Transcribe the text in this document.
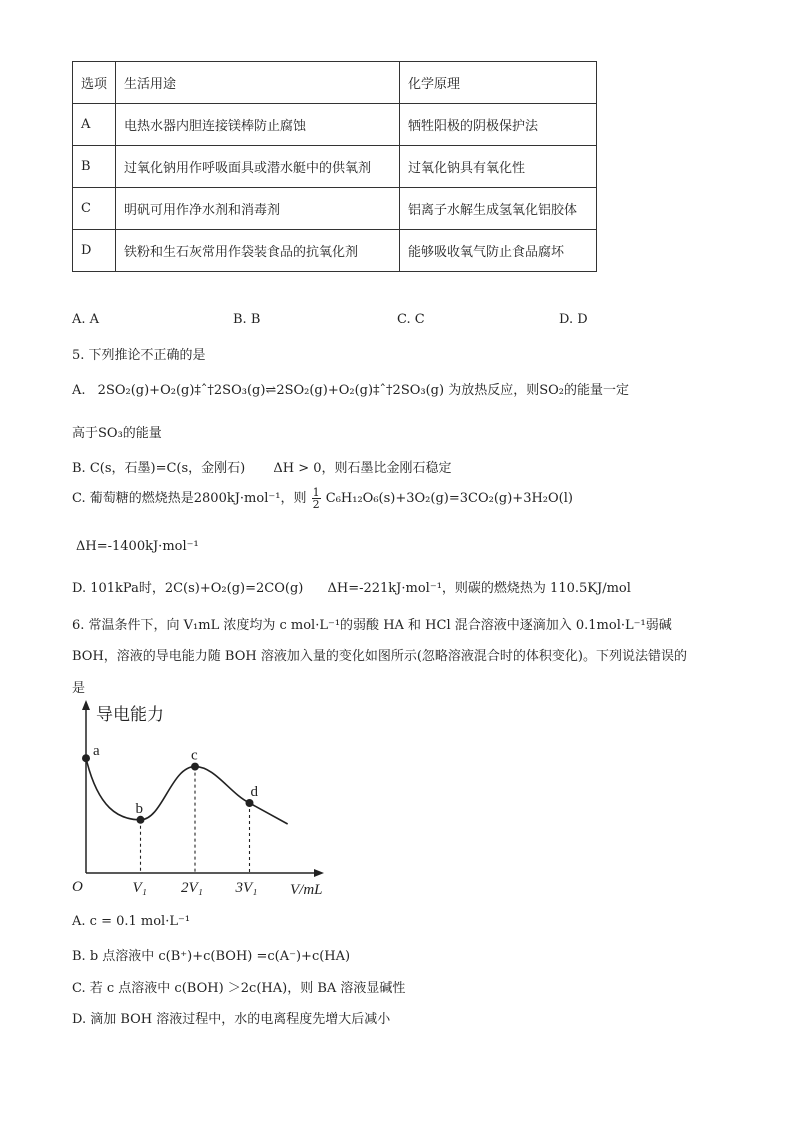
选项	生活用途	化学原理
A	电热水器内胆连接镁棒防止腐蚀	牺牲阳极的阴极保护法
B	过氧化钠用作呼吸面具或潜水艇中的供氧剂	过氧化钠具有氧化性
C	明矾可用作净水剂和消毒剂	铝离子水解生成氢氧化铝胶体
D	铁粉和生石灰常用作袋装食品的抗氧化剂	能够吸收氧气防止食品腐坏
A. A	B. B	C. C	D. D
5. 下列推论不正确的是
A. 2SO₂(g)+O₂(g)‡ˆ†2SO₃(g)⇌2SO₂(g)+O₂(g)‡ˆ†2SO₃(g) 为放热反应，则SO₂的能量一定
高于SO₃的能量
B. C(s，石墨)=C(s，金刚石) ΔH > 0，则石墨比金刚石稳定
C. 葡萄糖的燃烧热是2800kJ·mol⁻¹，则 $\frac{1}{2} C_6H_{12}O_6(s)+3O_2(g)=3CO_2(g)+3H_2O(l)$
ΔH=-1400kJ·mol⁻¹
D. 101kPa时，2C(s)+O₂(g)=2CO(g) ΔH=-221kJ·mol⁻¹，则碳的燃烧热为 110.5KJ/mol
6. 常温条件下，向 V₁mL 浓度均为 c mol·L⁻¹的弱酸 HA 和 HCl 混合溶液中逐滴加入 0.1mol·L⁻¹弱碱
BOH，溶液的导电能力随 BOH 溶液加入量的变化如图所示(忽略溶液混合时的体积变化)。下列说法错误的
是
导电能力
O	V/mL
a
b
c
d
V₁ 2V₁ 3V₁
A. c = 0.1 mol·L⁻¹
B. b 点溶液中 c(B⁺)+c(BOH) =c(A⁻)+c(HA)
C. 若 c 点溶液中 c(BOH) ＞2c(HA)，则 BA 溶液显碱性
D. 滴加 BOH 溶液过程中，水的电离程度先增大后减小
